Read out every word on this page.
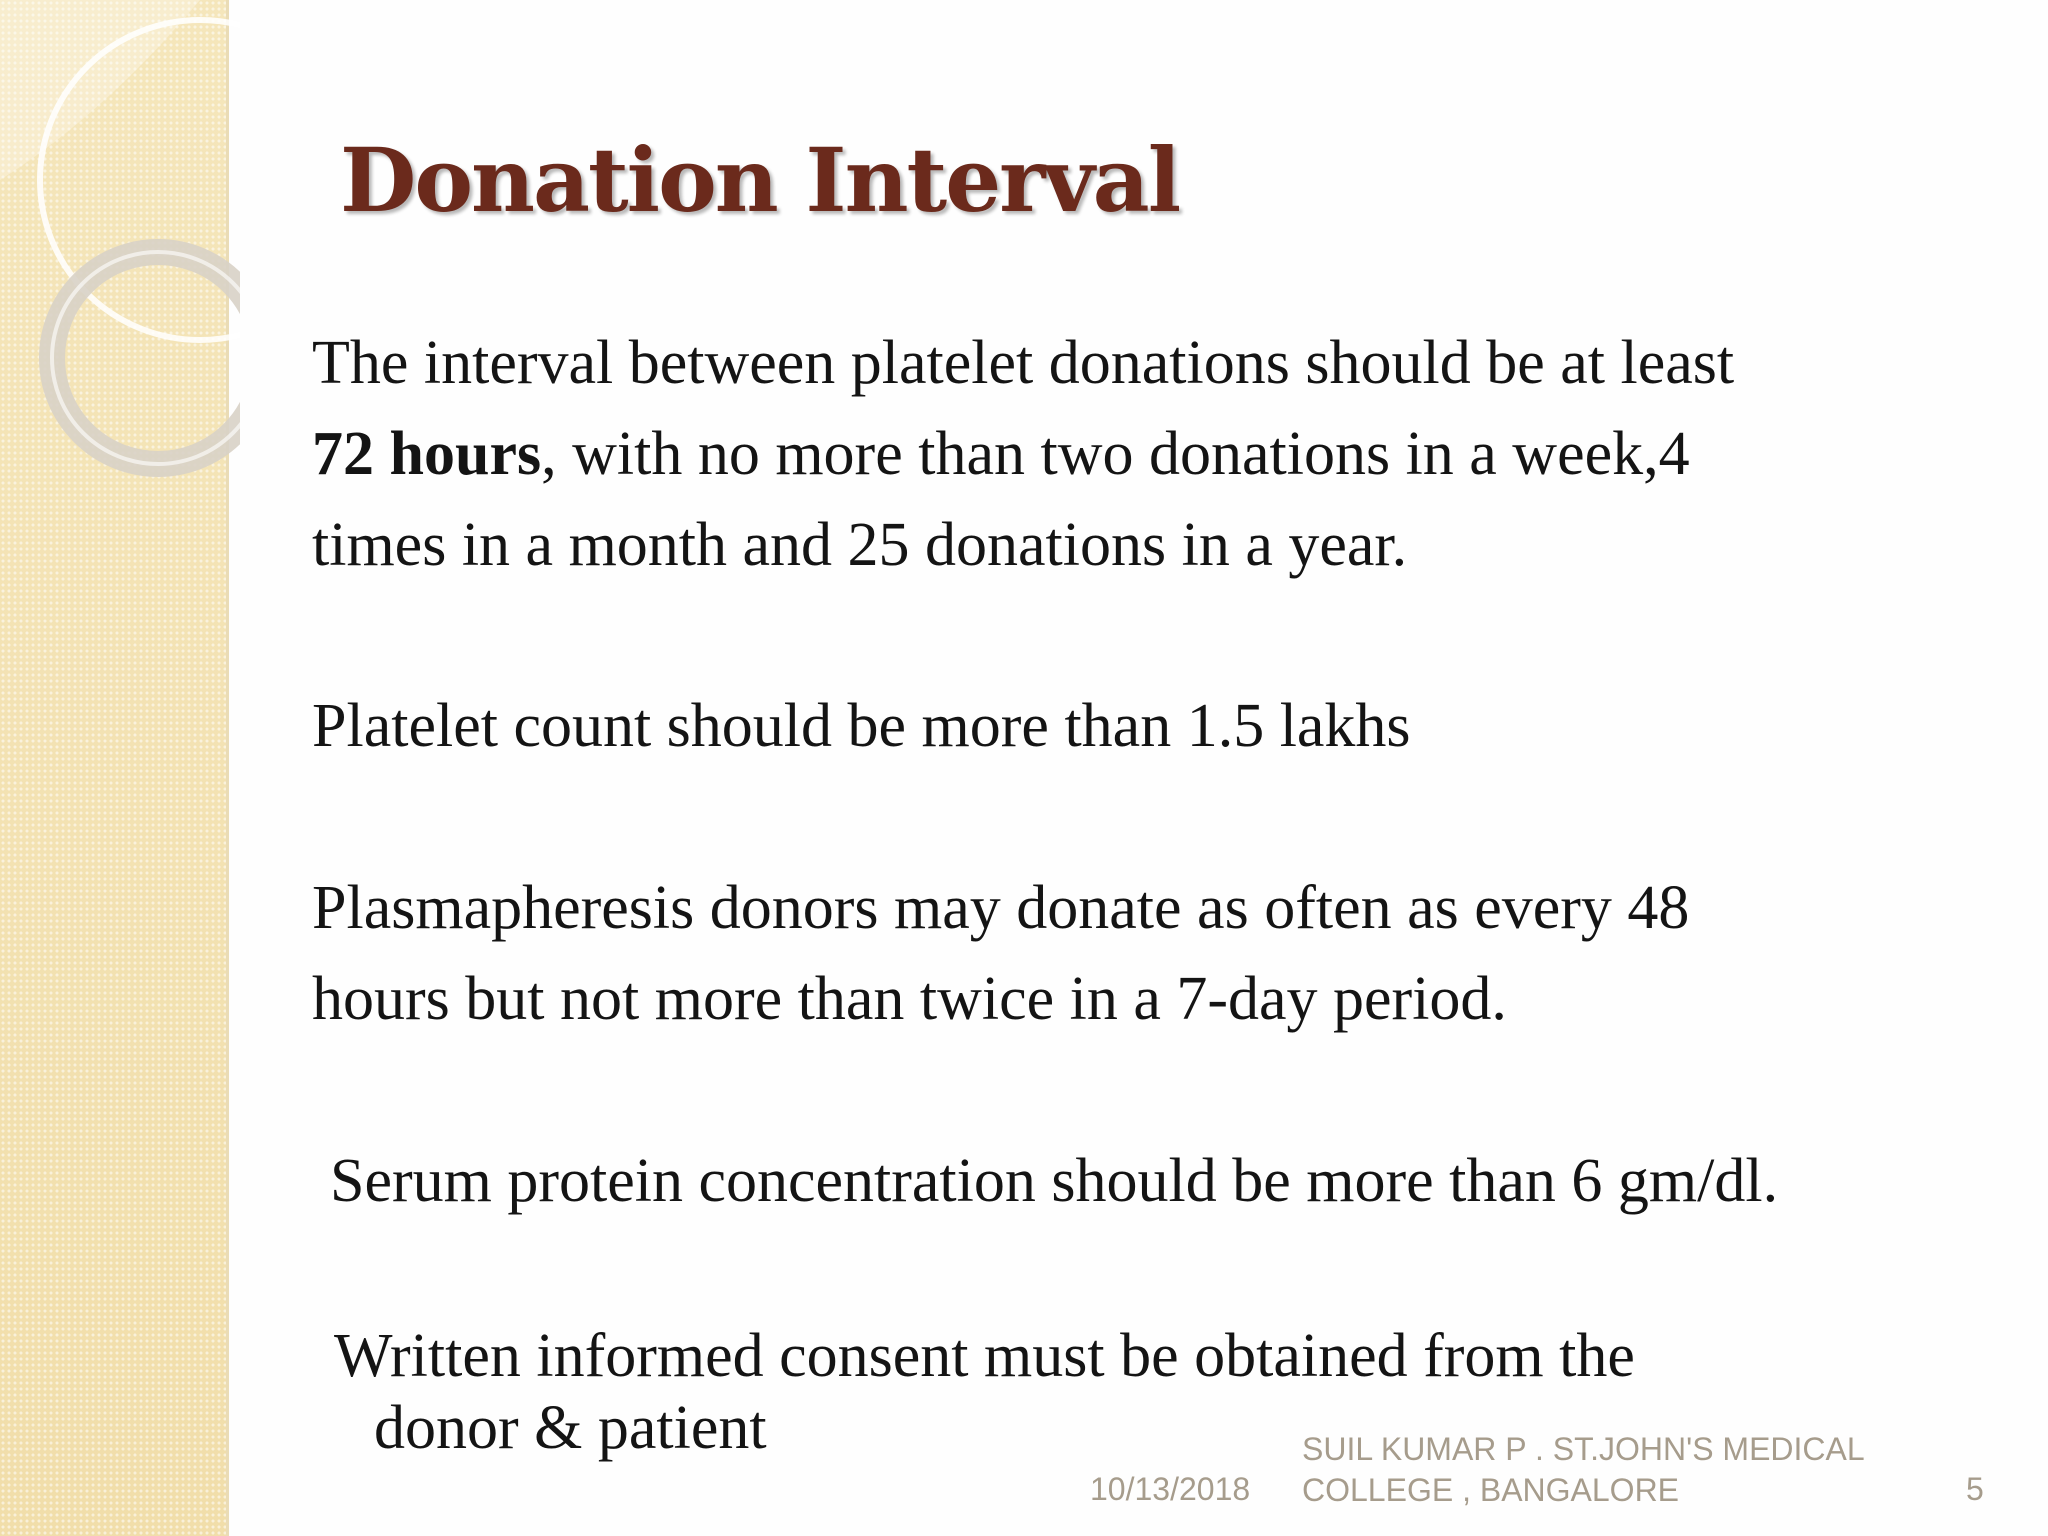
Donation Interval
The interval between platelet donations should be at least
72 hours, with no more than two donations in a week,4
times in a month and 25 donations in a year.
Platelet count should be more than 1.5 lakhs
Plasmapheresis donors may donate as often as every 48
hours but not more than twice in a 7-day period.
Serum protein concentration should be more than 6 gm/dl.
Written informed consent must be obtained from the
donor & patient
10/13/2018
SUIL KUMAR P . ST.JOHN'S MEDICAL COLLEGE , BANGALORE	5
